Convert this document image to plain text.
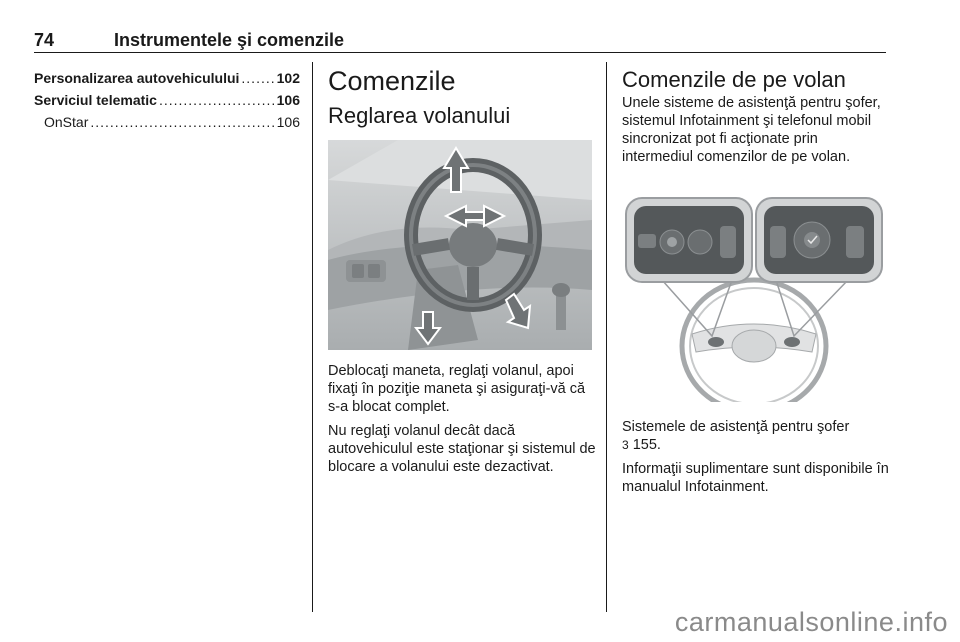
74	Instrumentele şi comenzile
Personalizarea autovehiculului .....	102
Serviciul telematic .....	106
OnStar .....	106
Comenzile
Reglarea volanului

Deblocaţi maneta, reglaţi volanul, apoi fixaţi în poziţie maneta şi asiguraţi-vă că s-a blocat complet.

Nu reglaţi volanul decât dacă autovehiculul este staţionar şi sistemul de blocare a volanului este dezactivat.

Comenzile de pe volan
Unele sisteme de asistenţă pentru şofer, sistemul Infotainment şi telefonul mobil sincronizat pot fi acţionate prin intermediul comenzilor de pe volan.

Sistemele de asistenţă pentru şofer
3 155.

Informaţii suplimentare sunt disponibile în manualul Infotainment.

carmanualsonline.info
